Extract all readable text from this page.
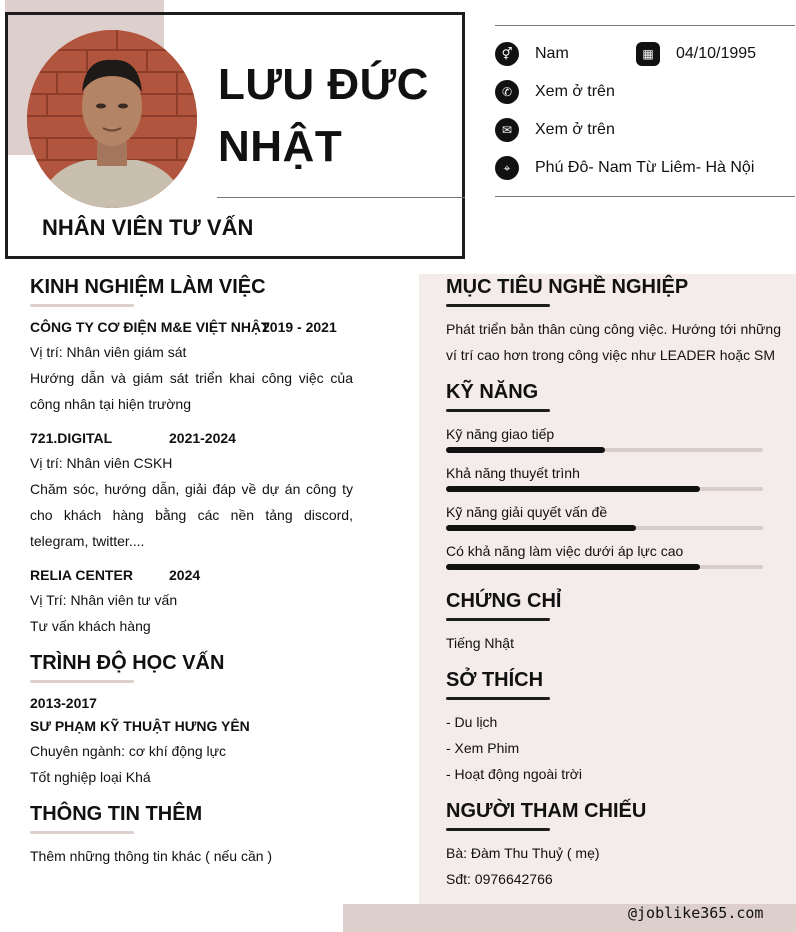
LƯU ĐỨC
NHẬT
NHÂN VIÊN TƯ VẤN
⚥	Nam	▦	04/10/1995
✆	Xem ở trên
✉	Xem ở trên
⌖	Phú Đô- Nam Từ Liêm- Hà Nội
KINH NGHIỆM LÀM VIỆC
CÔNG TY CƠ ĐIỆN M&E VIỆT NHẬT
2019 - 2021
Vị trí: Nhân viên giám sát
Hướng dẫn và giám sát triển khai công việc của công nhân tại hiện trường
721.DIGITAL	2021-2024
Vị trí: Nhân viên CSKH
Chăm sóc, hướng dẫn, giải đáp về dự án công ty cho khách hàng bằng các nền tảng discord, telegram, twitter....
RELIA CENTER	2024
Vị Trí: Nhân viên tư vấn
Tư vấn khách hàng
TRÌNH ĐỘ HỌC VẤN
2013-2017
SƯ PHẠM KỸ THUẬT HƯNG YÊN
Chuyên ngành: cơ khí động lực
Tốt nghiệp loại Khá
THÔNG TIN THÊM
Thêm những thông tin khác ( nếu cần )
MỤC TIÊU NGHỀ NGHIỆP
Phát triển bản thân cùng công việc. Hướng tới những ví trí cao hơn trong công việc như LEADER hoặc SM
KỸ NĂNG
Kỹ năng giao tiếp
Khả năng thuyết trình
Kỹ năng giải quyết vấn đề
Có khả năng làm việc dưới áp lực cao
CHỨNG CHỈ
Tiếng Nhật
SỞ THÍCH
- Du lịch
- Xem Phim
- Hoạt động ngoài trời
NGƯỜI THAM CHIẾU
Bà: Đàm Thu Thuỷ ( mẹ)
Sđt: 0976642766
@joblike365.com
